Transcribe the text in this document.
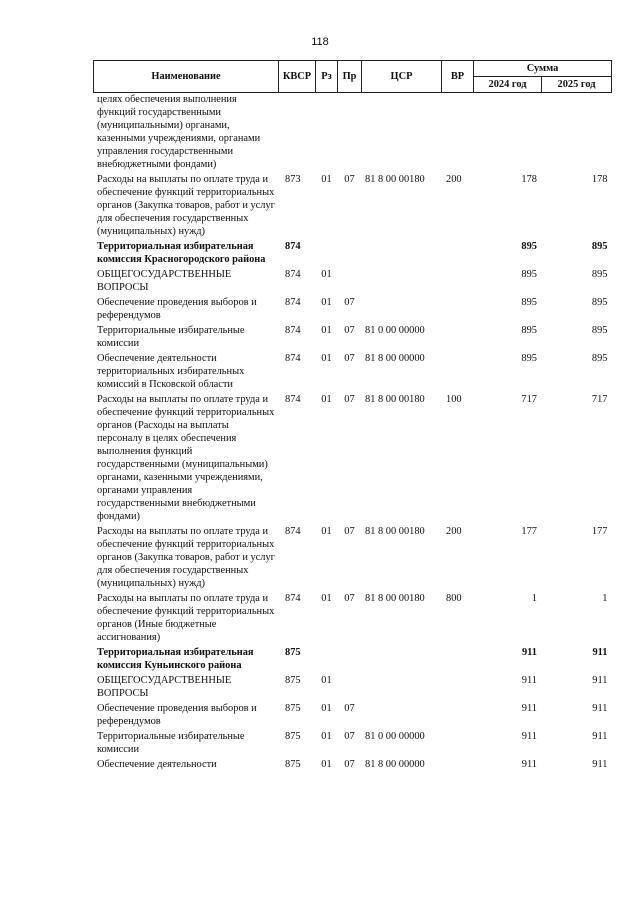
118
Наименование	КВСР	Рз	Пр	ЦСР	ВР	Сумма	
						2024 год	2025 год
целях обеспечения выполнения функций государственными (муниципальными) органами, казенными учреждениями, органами управления государственными внебюджетными фондами)							
Расходы на выплаты по оплате труда и обеспечение функций территориальных органов (Закупка товаров, работ и услуг для обеспечения государственных (муниципальных) нужд)	873	01	07	81 8 00 00180	200	178	178
Территориальная избирательная комиссия Красногородского района	874					895	895
ОБЩЕГОСУДАРСТВЕННЫЕ ВОПРОСЫ	874	01				895	895
Обеспечение проведения выборов и референдумов	874	01	07			895	895
Территориальные избирательные комиссии	874	01	07	81 0 00 00000		895	895
Обеспечение деятельности территориальных избирательных комиссий в Псковской области	874	01	07	81 8 00 00000		895	895
Расходы на выплаты по оплате труда и обеспечение функций территориальных органов (Расходы на выплаты персоналу в целях обеспечения выполнения функций государственными (муниципальными) органами, казенными учреждениями, органами управления государственными внебюджетными фондами)	874	01	07	81 8 00 00180	100	717	717
Расходы на выплаты по оплате труда и обеспечение функций территориальных органов (Закупка товаров, работ и услуг для обеспечения государственных (муниципальных) нужд)	874	01	07	81 8 00 00180	200	177	177
Расходы на выплаты по оплате труда и обеспечение функций территориальных органов (Иные бюджетные ассигнования)	874	01	07	81 8 00 00180	800	1	1
Территориальная избирательная комиссия Куньинского района	875					911	911
ОБЩЕГОСУДАРСТВЕННЫЕ ВОПРОСЫ	875	01				911	911
Обеспечение проведения выборов и референдумов	875	01	07			911	911
Территориальные избирательные комиссии	875	01	07	81 0 00 00000		911	911
Обеспечение деятельности	875	01	07	81 8 00 00000		911	911
